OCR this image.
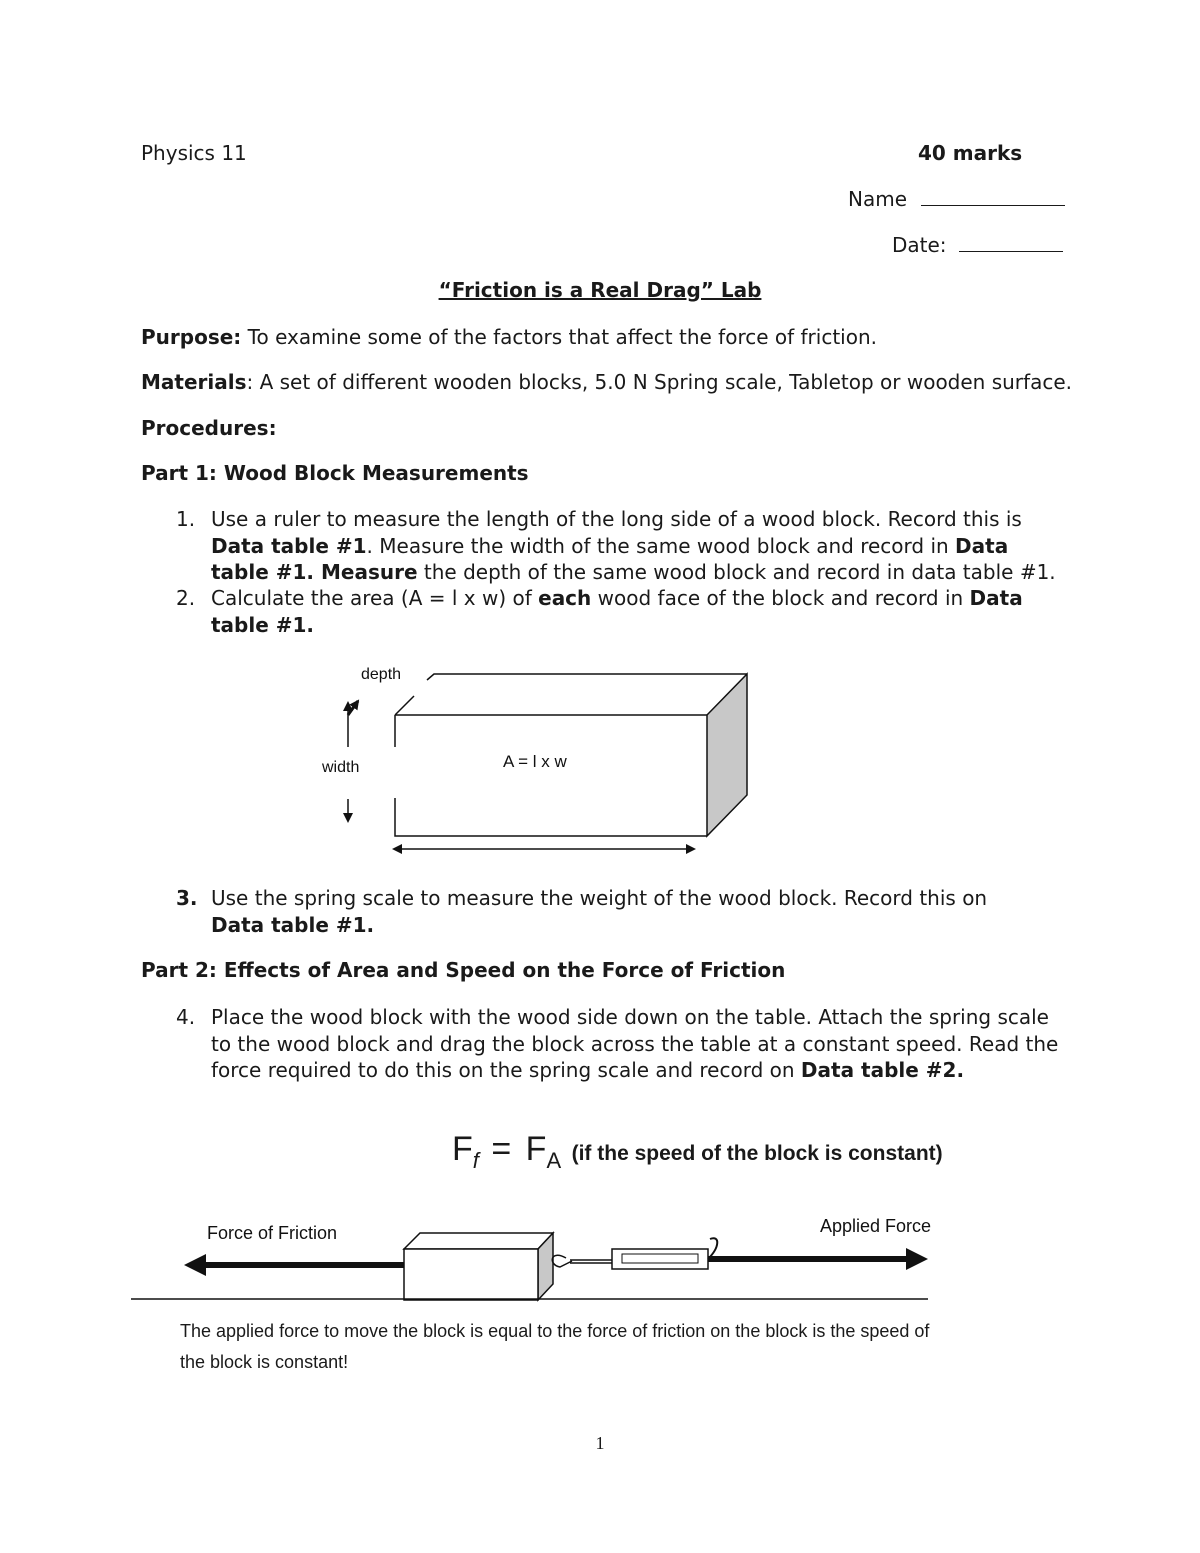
Physics 11	40 marks
Name
Date:
“Friction is a Real Drag” Lab
Purpose: To examine some of the factors that affect the force of friction.
Materials: A set of different wooden blocks, 5.0 N Spring scale, Tabletop or wooden surface.
Procedures:
Part 1: Wood Block Measurements
1. Use a ruler to measure the length of the long side of a wood block. Record this is Data table #1. Measure the width of the same wood block and record in Data table #1. Measure the depth of the same wood block and record in data table #1.
2. Calculate the area (A = l x w) of each wood face of the block and record in Data table #1.
depth
width	A = l x w
3. Use the spring scale to measure the weight of the wood block. Record this on Data table #1.
Part 2: Effects of Area and Speed on the Force of Friction
4. Place the wood block with the wood side down on the table. Attach the spring scale to the wood block and drag the block across the table at a constant speed. Read the force required to do this on the spring scale and record on Data table #2.
Ff = FA (if the speed of the block is constant)
Force of Friction	Applied Force
The applied force to move the block is equal to the force of friction on the block is the speed of the block is constant!
1
